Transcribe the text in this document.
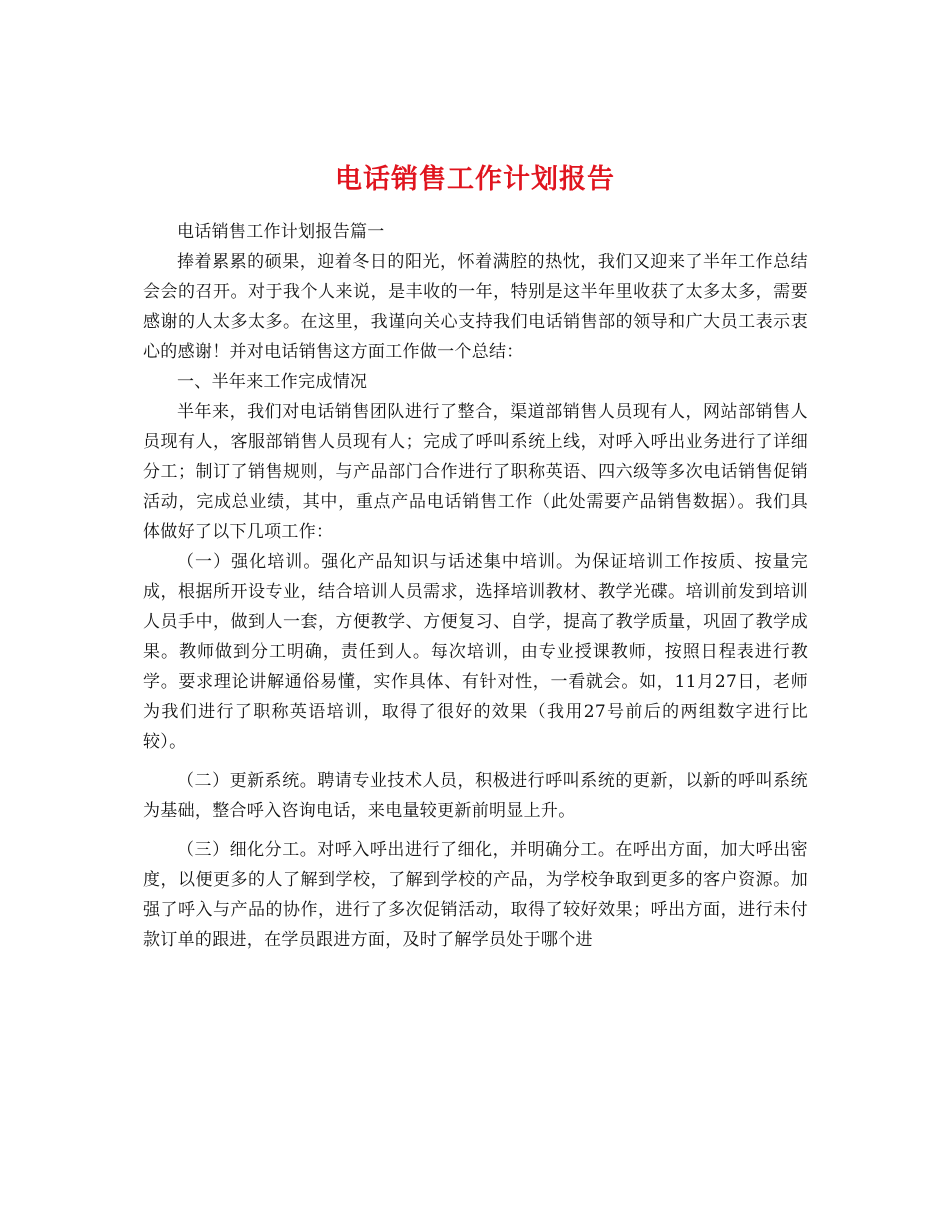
电话销售工作计划报告

电话销售工作计划报告篇一

捧着累累的硕果，迎着冬日的阳光，怀着满腔的热忱，我们又迎来了半年工作总结会会的召开。对于我个人来说，是丰收的一年，特别是这半年里收获了太多太多，需要感谢的人太多太多。在这里，我谨向关心支持我们电话销售部的领导和广大员工表示衷心的感谢！并对电话销售这方面工作做一个总结：

一、半年来工作完成情况

半年来，我们对电话销售团队进行了整合，渠道部销售人员现有人，网站部销售人员现有人，客服部销售人员现有人；完成了呼叫系统上线，对呼入呼出业务进行了详细分工；制订了销售规则，与产品部门合作进行了职称英语、四六级等多次电话销售促销活动，完成总业绩，其中，重点产品电话销售工作（此处需要产品销售数据）。我们具体做好了以下几项工作：

（一）强化培训。强化产品知识与话述集中培训。为保证培训工作按质、按量完成，根据所开设专业，结合培训人员需求，选择培训教材、教学光碟。培训前发到培训人员手中，做到人一套，方便教学、方便复习、自学，提高了教学质量，巩固了教学成果。教师做到分工明确，责任到人。每次培训，由专业授课教师，按照日程表进行教学。要求理论讲解通俗易懂，实作具体、有针对性，一看就会。如，11月27日，老师为我们进行了职称英语培训，取得了很好的效果（我用27号前后的两组数字进行比较）。

（二）更新系统。聘请专业技术人员，积极进行呼叫系统的更新，以新的呼叫系统为基础，整合呼入咨询电话，来电量较更新前明显上升。

（三）细化分工。对呼入呼出进行了细化，并明确分工。在呼出方面，加大呼出密度，以便更多的人了解到学校，了解到学校的产品，为学校争取到更多的客户资源。加强了呼入与产品的协作，进行了多次促销活动，取得了较好效果；呼出方面，进行未付款订单的跟进，在学员跟进方面，及时了解学员处于哪个进
